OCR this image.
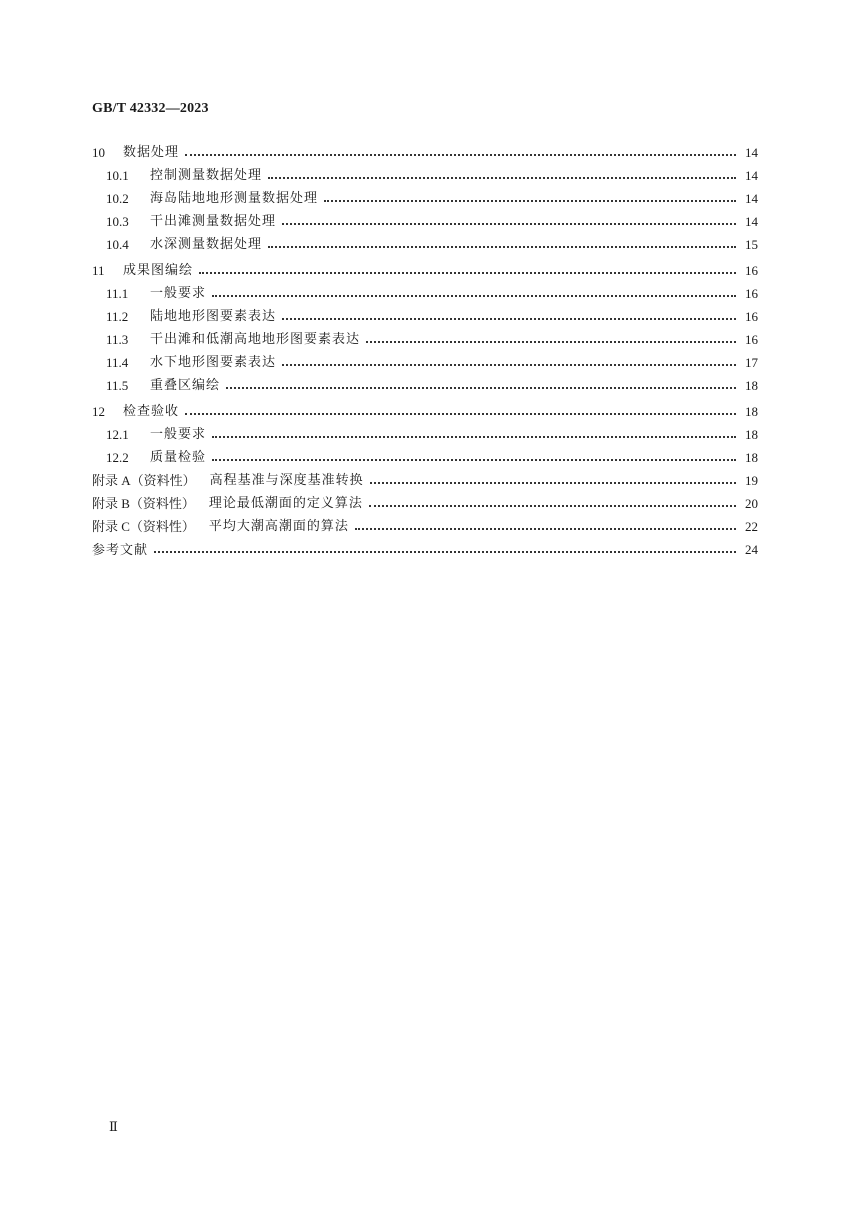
GB/T 42332—2023
10	数据处理	14
10.1	控制测量数据处理	14
10.2	海岛陆地地形测量数据处理	14
10.3	干出滩测量数据处理	14
10.4	水深测量数据处理	15
11	成果图编绘	16
11.1	一般要求	16
11.2	陆地地形图要素表达	16
11.3	干出滩和低潮高地地形图要素表达	16
11.4	水下地形图要素表达	17
11.5	重叠区编绘	18
12	检查验收	18
12.1	一般要求	18
12.2	质量检验	18
附录 A（资料性）	高程基准与深度基准转换	19
附录 B（资料性）	理论最低潮面的定义算法	20
附录 C（资料性）	平均大潮高潮面的算法	22
参考文献	24
Ⅱ
